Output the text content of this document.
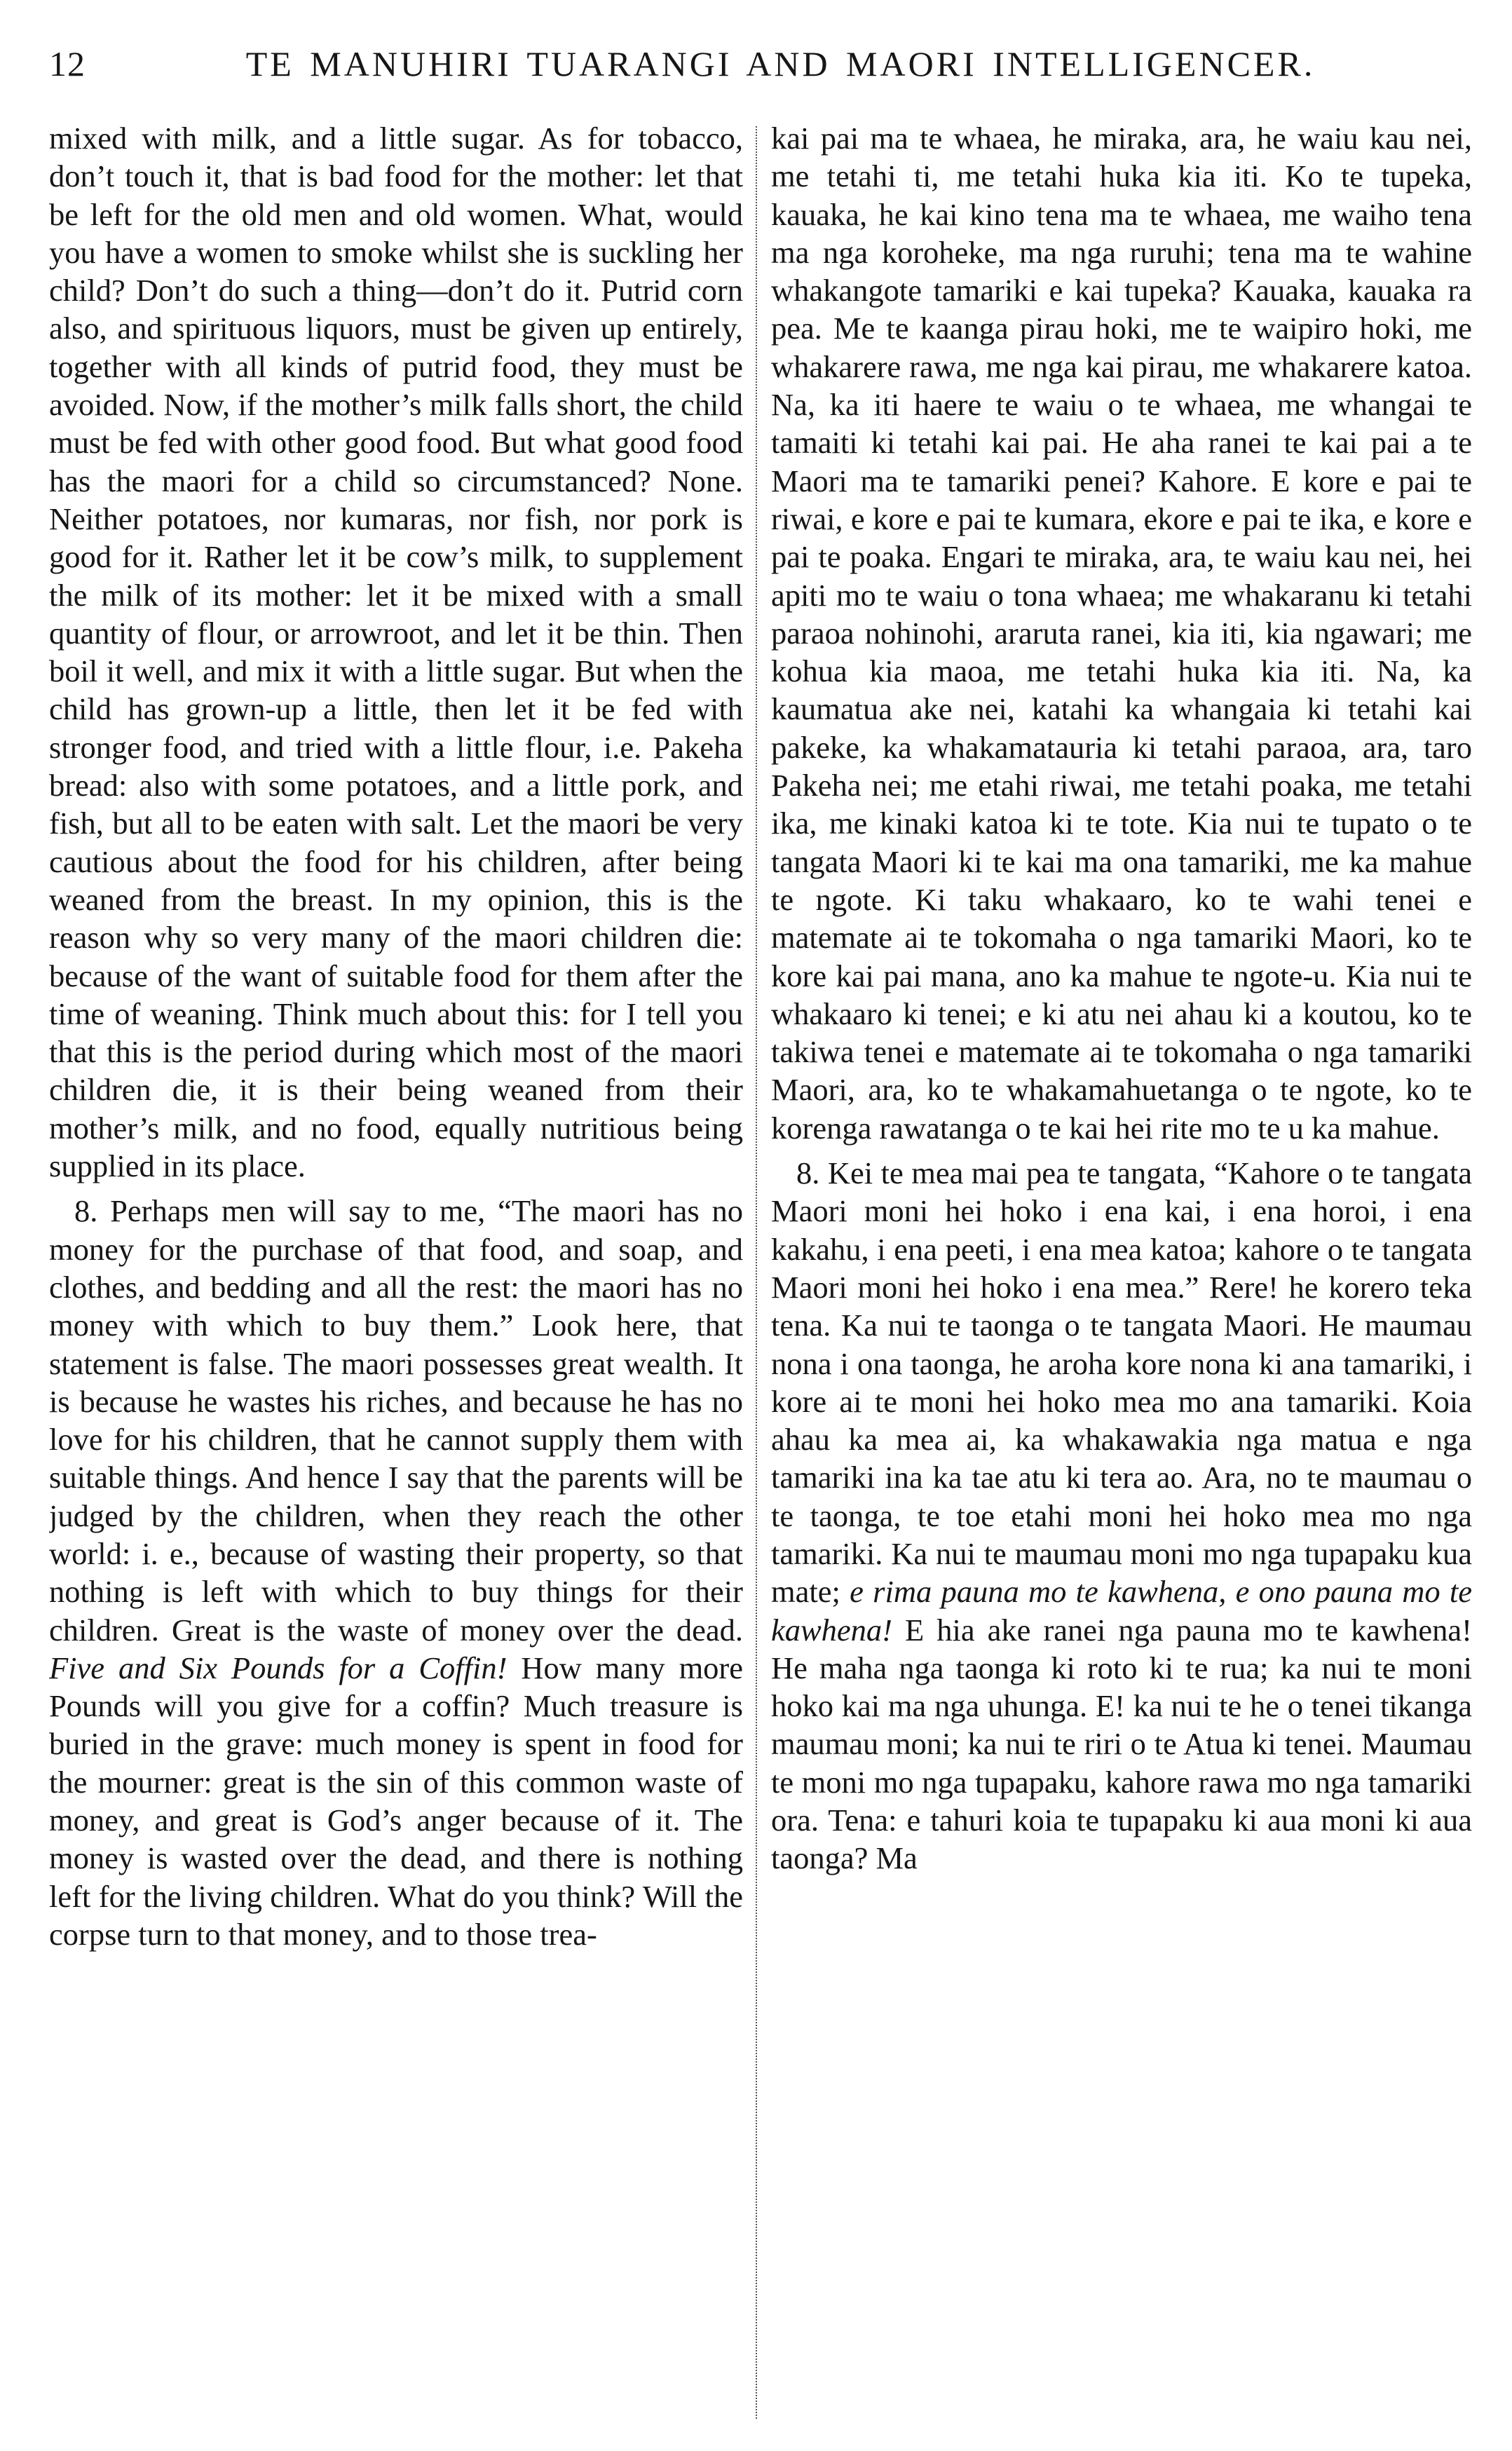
12	TE MANUHIRI TUARANGI AND MAORI INTELLIGENCER.

mixed with milk, and a little sugar. As for tobacco, don’t touch it, that is bad food for the mother: let that be left for the old men and old women. What, would you have a women to smoke whilst she is suckling her child? Don’t do such a thing—don’t do it. Putrid corn also, and spirituous liquors, must be given up entirely, together with all kinds of putrid food, they must be avoided. Now, if the mother’s milk falls short, the child must be fed with other good food. But what good food has the maori for a child so circumstanced? None. Neither potatoes, nor kumaras, nor fish, nor pork is good for it. Rather let it be cow’s milk, to supplement the milk of its mother: let it be mixed with a small quantity of flour, or arrowroot, and let it be thin. Then boil it well, and mix it with a little sugar. But when the child has grown-up a little, then let it be fed with stronger food, and tried with a little flour, i.e. Pakeha bread: also with some potatoes, and a little pork, and fish, but all to be eaten with salt. Let the maori be very cautious about the food for his children, after being weaned from the breast. In my opinion, this is the reason why so very many of the maori children die: because of the want of suitable food for them after the time of weaning. Think much about this: for I tell you that this is the period during which most of the maori children die, it is their being weaned from their mother’s milk, and no food, equally nutritious being supplied in its place.

8. Perhaps men will say to me, “The maori has no money for the purchase of that food, and soap, and clothes, and bedding and all the rest: the maori has no money with which to buy them.” Look here, that statement is false. The maori possesses great wealth. It is because he wastes his riches, and because he has no love for his children, that he cannot supply them with suitable things. And hence I say that the parents will be judged by the children, when they reach the other world: i. e., because of wasting their property, so that nothing is left with which to buy things for their children. Great is the waste of money over the dead. Five and Six Pounds for a Coffin! How many more Pounds will you give for a coffin? Much treasure is buried in the grave: much money is spent in food for the mourner: great is the sin of this common waste of money, and great is God’s anger because of it. The money is wasted over the dead, and there is nothing left for the living children. What do you think? Will the corpse turn to that money, and to those trea-

kai pai ma te whaea, he miraka, ara, he waiu kau nei, me tetahi ti, me tetahi huka kia iti. Ko te tupeka, kauaka, he kai kino tena ma te whaea, me waiho tena ma nga koroheke, ma nga ruruhi; tena ma te wahine whakangote tamariki e kai tupeka? Kauaka, kauaka ra pea. Me te kaanga pirau hoki, me te waipiro hoki, me whakarere rawa, me nga kai pirau, me whakarere katoa. Na, ka iti haere te waiu o te whaea, me whangai te tamaiti ki tetahi kai pai. He aha ranei te kai pai a te Maori ma te tamariki penei? Kahore. E kore e pai te riwai, e kore e pai te kumara, ekore e pai te ika, e kore e pai te poaka. Engari te miraka, ara, te waiu kau nei, hei apiti mo te waiu o tona whaea; me whakaranu ki tetahi paraoa nohinohi, araruta ranei, kia iti, kia ngawari; me kohua kia maoa, me tetahi huka kia iti. Na, ka kaumatua ake nei, katahi ka whangaia ki tetahi kai pakeke, ka whakamatauria ki tetahi paraoa, ara, taro Pakeha nei; me etahi riwai, me tetahi poaka, me tetahi ika, me kinaki katoa ki te tote. Kia nui te tupato o te tangata Maori ki te kai ma ona tamariki, me ka mahue te ngote. Ki taku whakaaro, ko te wahi tenei e matemate ai te tokomaha o nga tamariki Maori, ko te kore kai pai mana, ano ka mahue te ngote-u. Kia nui te whakaaro ki tenei; e ki atu nei ahau ki a koutou, ko te takiwa tenei e matemate ai te tokomaha o nga tamariki Maori, ara, ko te whakamahuetanga o te ngote, ko te korenga rawatanga o te kai hei rite mo te u ka mahue.

8. Kei te mea mai pea te tangata, “Kahore o te tangata Maori moni hei hoko i ena kai, i ena horoi, i ena kakahu, i ena peeti, i ena mea katoa; kahore o te tangata Maori moni hei hoko i ena mea.” Rere! he korero teka tena. Ka nui te taonga o te tangata Maori. He maumau nona i ona taonga, he aroha kore nona ki ana tamariki, i kore ai te moni hei hoko mea mo ana tamariki. Koia ahau ka mea ai, ka whakawakia nga matua e nga tamariki ina ka tae atu ki tera ao. Ara, no te maumau o te taonga, te toe etahi moni hei hoko mea mo nga tamariki. Ka nui te maumau moni mo nga tupapaku kua mate; e rima pauna mo te kawhena, e ono pauna mo te kawhena! E hia ake ranei nga pauna mo te kawhena! He maha nga taonga ki roto ki te rua; ka nui te moni hoko kai ma nga uhunga. E! ka nui te he o tenei tikanga maumau moni; ka nui te riri o te Atua ki tenei. Maumau te moni mo nga tupapaku, kahore rawa mo nga tamariki ora. Tena: e tahuri koia te tupapaku ki aua moni ki aua taonga? Ma
